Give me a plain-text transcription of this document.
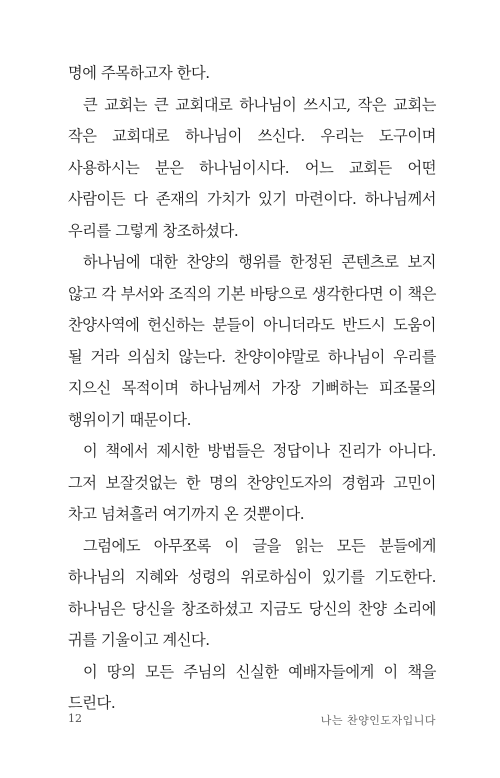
명에 주목하고자 한다.

큰 교회는 큰 교회대로 하나님이 쓰시고, 작은 교회는 작은 교회대로 하나님이 쓰신다. 우리는 도구이며 사용하시는 분은 하나님이시다. 어느 교회든 어떤 사람이든 다 존재의 가치가 있기 마련이다. 하나님께서 우리를 그렇게 창조하셨다.

하나님에 대한 찬양의 행위를 한정된 콘텐츠로 보지 않고 각 부서와 조직의 기본 바탕으로 생각한다면 이 책은 찬양사역에 헌신하는 분들이 아니더라도 반드시 도움이 될 거라 의심치 않는다. 찬양이야말로 하나님이 우리를 지으신 목적이며 하나님께서 가장 기뻐하는 피조물의 행위이기 때문이다.

이 책에서 제시한 방법들은 정답이나 진리가 아니다. 그저 보잘것없는 한 명의 찬양인도자의 경험과 고민이 차고 넘쳐흘러 여기까지 온 것뿐이다.

그럼에도 아무쪼록 이 글을 읽는 모든 분들에게 하나님의 지혜와 성령의 위로하심이 있기를 기도한다. 하나님은 당신을 창조하셨고 지금도 당신의 찬양 소리에 귀를 기울이고 계신다.

이 땅의 모든 주님의 신실한 예배자들에게 이 책을 드린다.

12	나는 찬양인도자입니다
